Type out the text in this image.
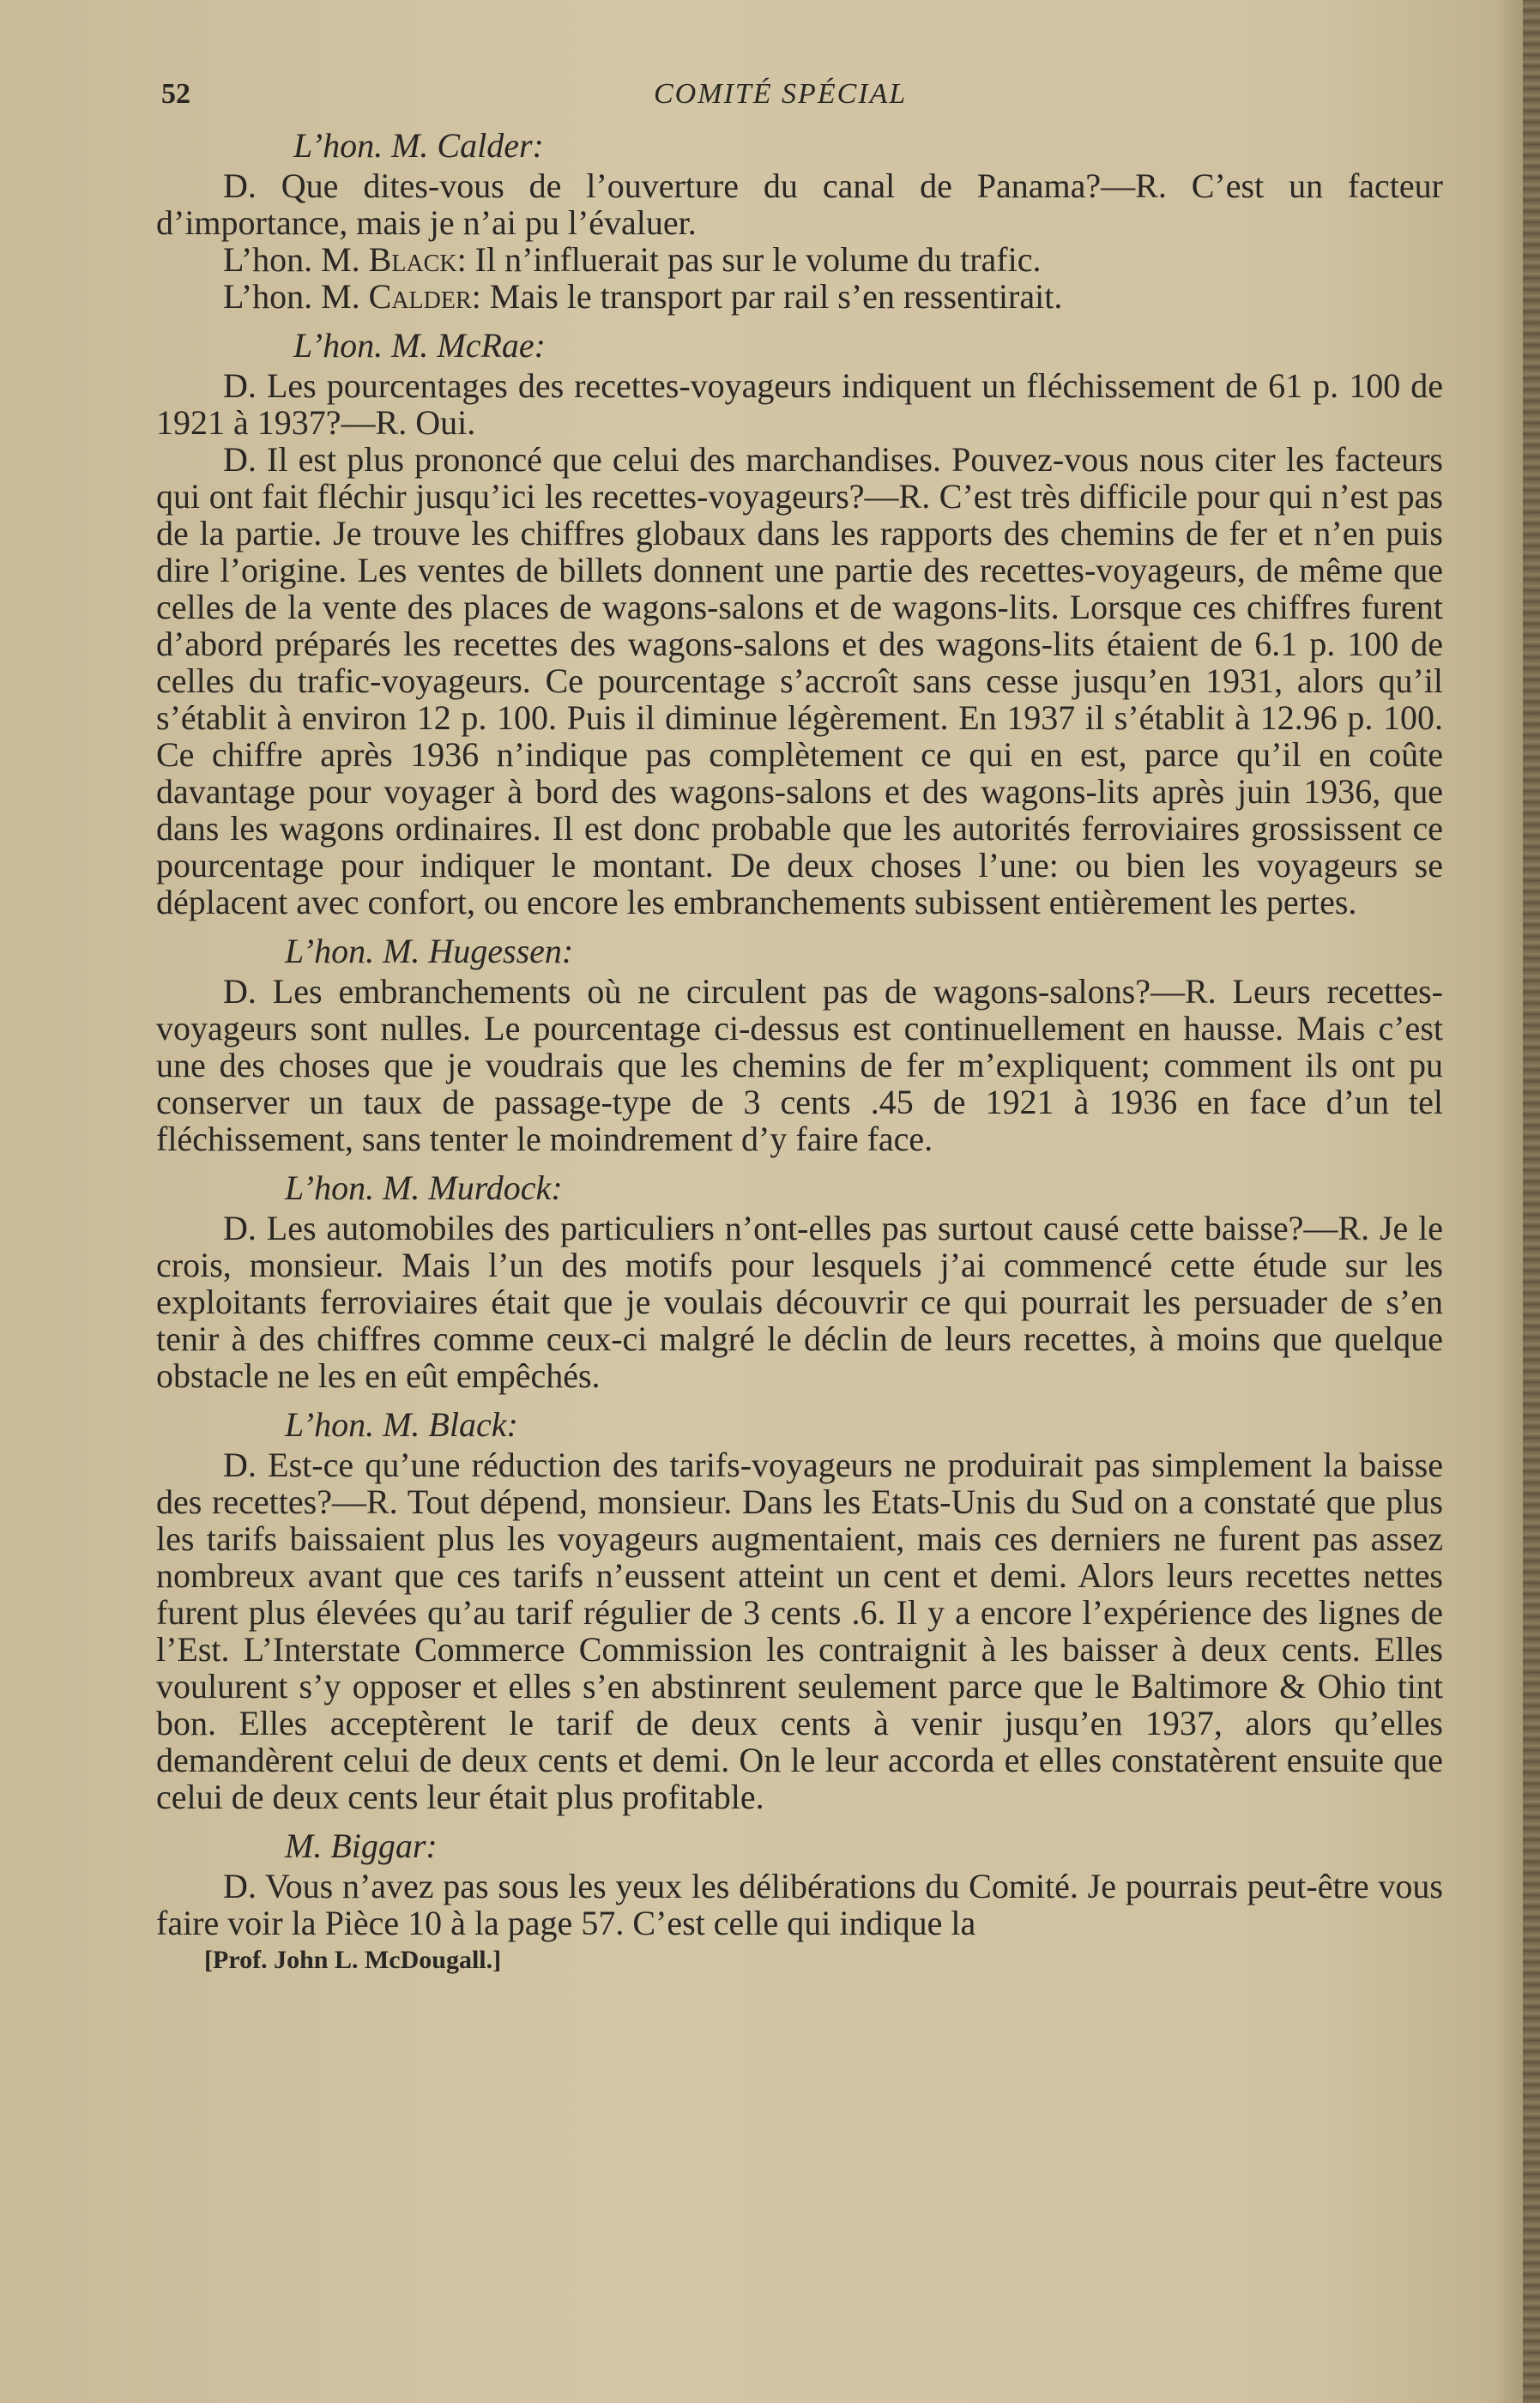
52	COMITÉ SPÉCIAL
L’hon. M. Calder:

D. Que dites-vous de l’ouverture du canal de Panama?—R. C’est un facteur d’importance, mais je n’ai pu l’évaluer.

L’hon. M. Black: Il n’influerait pas sur le volume du trafic.

L’hon. M. Calder: Mais le transport par rail s’en ressentirait.

L’hon. M. McRae:

D. Les pourcentages des recettes-voyageurs indiquent un fléchissement de 61 p. 100 de 1921 à 1937?—R. Oui.

D. Il est plus prononcé que celui des marchandises. Pouvez-vous nous citer les facteurs qui ont fait fléchir jusqu’ici les recettes-voyageurs?—R. C’est très difficile pour qui n’est pas de la partie. Je trouve les chiffres globaux dans les rapports des chemins de fer et n’en puis dire l’origine. Les ventes de billets donnent une partie des recettes-voyageurs, de même que celles de la vente des places de wagons-salons et de wagons-lits. Lorsque ces chiffres furent d’abord préparés les recettes des wagons-salons et des wagons-lits étaient de 6.1 p. 100 de celles du trafic-voyageurs. Ce pourcentage s’accroît sans cesse jusqu’en 1931, alors qu’il s’établit à environ 12 p. 100. Puis il diminue légèrement. En 1937 il s’établit à 12.96 p. 100. Ce chiffre après 1936 n’indique pas complètement ce qui en est, parce qu’il en coûte davantage pour voyager à bord des wagons-salons et des wagons-lits après juin 1936, que dans les wagons ordinaires. Il est donc probable que les autorités ferroviaires grossissent ce pourcentage pour indiquer le montant. De deux choses l’une: ou bien les voyageurs se déplacent avec confort, ou encore les embranchements subissent entièrement les pertes.

L’hon. M. Hugessen:

D. Les embranchements où ne circulent pas de wagons-salons?—R. Leurs recettes-voyageurs sont nulles. Le pourcentage ci-dessus est continuellement en hausse. Mais c’est une des choses que je voudrais que les chemins de fer m’expliquent; comment ils ont pu conserver un taux de passage-type de 3 cents .45 de 1921 à 1936 en face d’un tel fléchissement, sans tenter le moindrement d’y faire face.

L’hon. M. Murdock:

D. Les automobiles des particuliers n’ont-elles pas surtout causé cette baisse?—R. Je le crois, monsieur. Mais l’un des motifs pour lesquels j’ai commencé cette étude sur les exploitants ferroviaires était que je voulais découvrir ce qui pourrait les persuader de s’en tenir à des chiffres comme ceux-ci malgré le déclin de leurs recettes, à moins que quelque obstacle ne les en eût empêchés.

L’hon. M. Black:

D. Est-ce qu’une réduction des tarifs-voyageurs ne produirait pas simplement la baisse des recettes?—R. Tout dépend, monsieur. Dans les Etats-Unis du Sud on a constaté que plus les tarifs baissaient plus les voyageurs augmentaient, mais ces derniers ne furent pas assez nombreux avant que ces tarifs n’eussent atteint un cent et demi. Alors leurs recettes nettes furent plus élevées qu’au tarif régulier de 3 cents .6. Il y a encore l’expérience des lignes de l’Est. L’Interstate Commerce Commission les contraignit à les baisser à deux cents. Elles voulurent s’y opposer et elles s’en abstinrent seulement parce que le Baltimore & Ohio tint bon. Elles acceptèrent le tarif de deux cents à venir jusqu’en 1937, alors qu’elles demandèrent celui de deux cents et demi. On le leur accorda et elles constatèrent ensuite que celui de deux cents leur était plus profitable.

M. Biggar:

D. Vous n’avez pas sous les yeux les délibérations du Comité. Je pourrais peut-être vous faire voir la Pièce 10 à la page 57. C’est celle qui indique la

[Prof. John L. McDougall.]
